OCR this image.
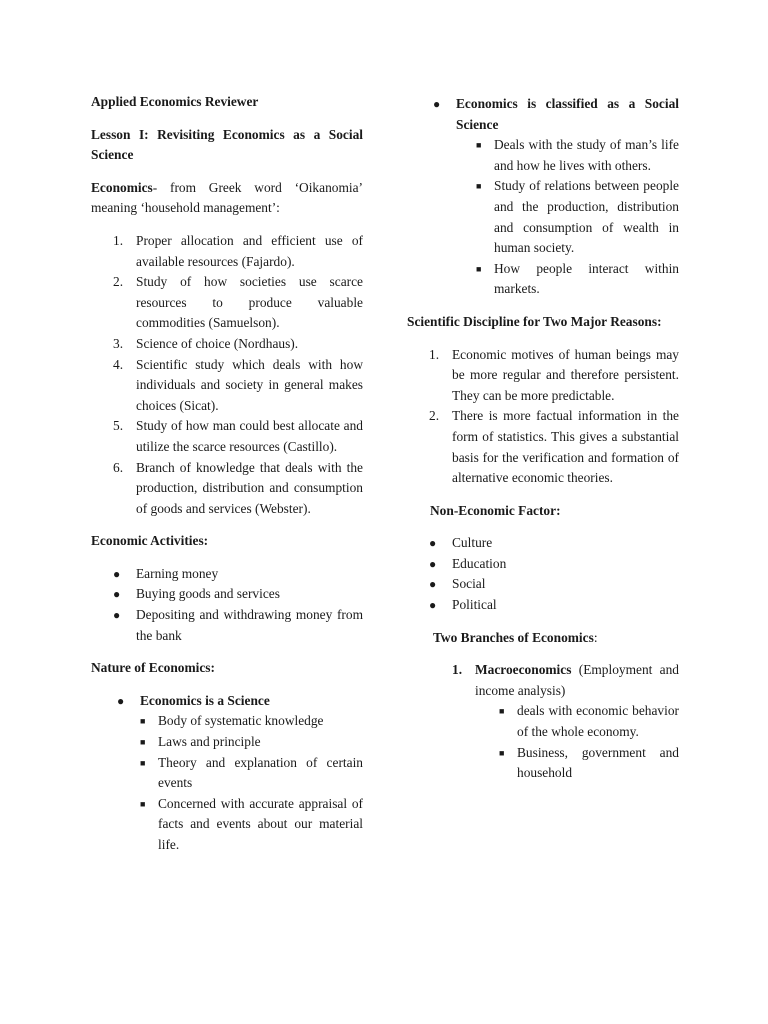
Applied Economics Reviewer

Lesson I: Revisiting Economics as a Social Science

Economics- from Greek word ‘Oikanomia’ meaning ‘household management’:

1. Proper allocation and efficient use of available resources (Fajardo).
2. Study of how societies use scarce resources to produce valuable commodities (Samuelson).
3. Science of choice (Nordhaus).
4. Scientific study which deals with how individuals and society in general makes choices (Sicat).
5. Study of how man could best allocate and utilize the scarce resources (Castillo).
6. Branch of knowledge that deals with the production, distribution and consumption of goods and services (Webster).

Economic Activities:

● Earning money
● Buying goods and services
● Depositing and withdrawing money from the bank

Nature of Economics:

● Economics is a Science
■ Body of systematic knowledge
■ Laws and principle
■ Theory and explanation of certain events
■ Concerned with accurate appraisal of facts and events about our material life.
● Economics is classified as a Social Science
■ Deals with the study of man’s life and how he lives with others.
■ Study of relations between people and the production, distribution and consumption of wealth in human society.
■ How people interact within markets.

Scientific Discipline for Two Major Reasons:

1. Economic motives of human beings may be more regular and therefore persistent. They can be more predictable.
2. There is more factual information in the form of statistics. This gives a substantial basis for the verification and formation of alternative economic theories.

Non-Economic Factor:

● Culture
● Education
● Social
● Political

Two Branches of Economics:

1. Macroeconomics (Employment and income analysis)
■ deals with economic behavior of the whole economy.
■ Business, government and household
